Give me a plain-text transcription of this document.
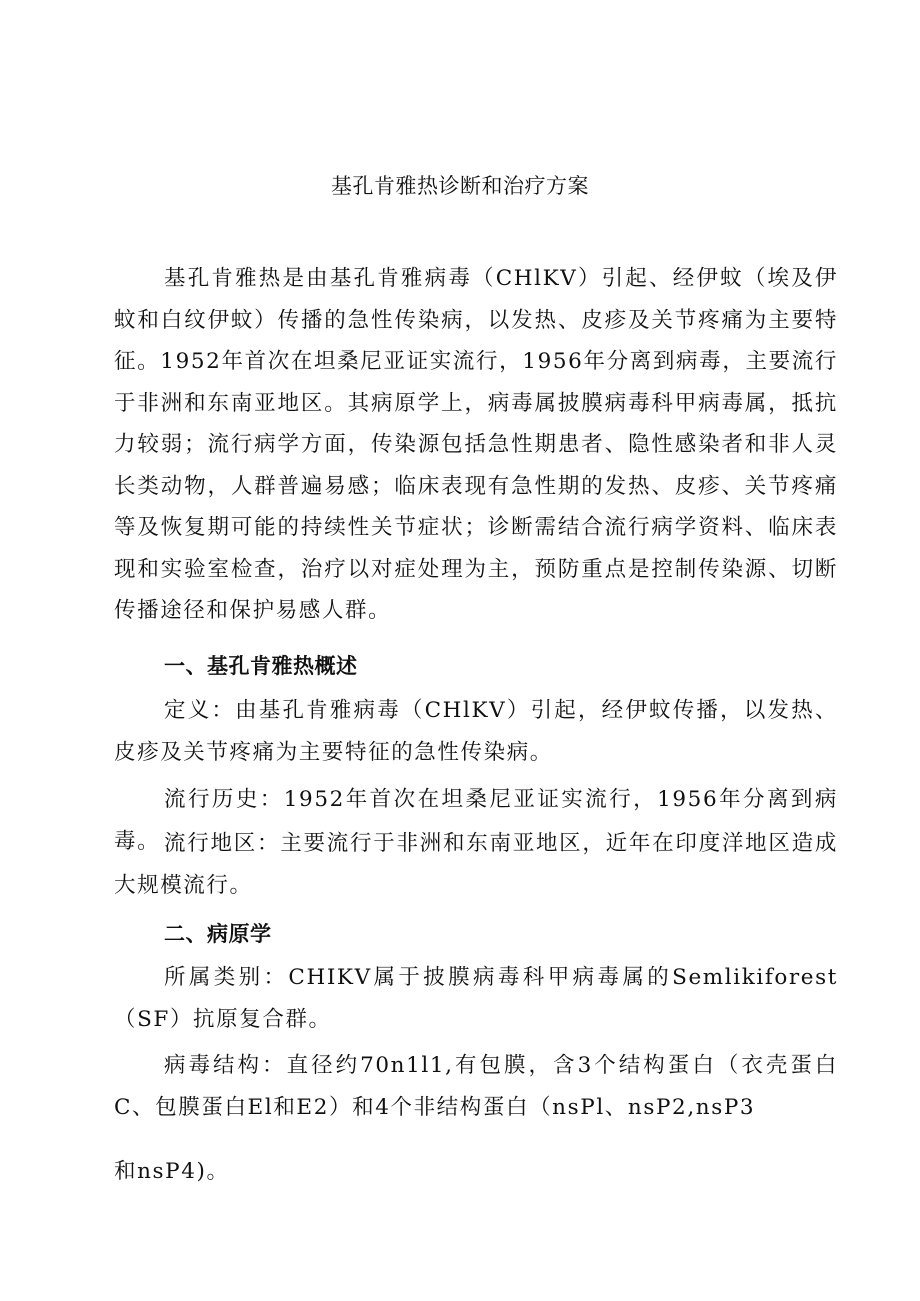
基孔肯雅热诊断和治疗方案

基孔肯雅热是由基孔肯雅病毒（CHlKV）引起、经伊蚊（埃及伊蚊和白纹伊蚊）传播的急性传染病，以发热、皮疹及关节疼痛为主要特征。1952年首次在坦桑尼亚证实流行，1956年分离到病毒，主要流行于非洲和东南亚地区。其病原学上，病毒属披膜病毒科甲病毒属，抵抗力较弱；流行病学方面，传染源包括急性期患者、隐性感染者和非人灵长类动物，人群普遍易感；临床表现有急性期的发热、皮疹、关节疼痛等及恢复期可能的持续性关节症状；诊断需结合流行病学资料、临床表现和实验室检查，治疗以对症处理为主，预防重点是控制传染源、切断传播途径和保护易感人群。

一、基孔肯雅热概述

定义：由基孔肯雅病毒（CHlKV）引起，经伊蚊传播，以发热、皮疹及关节疼痛为主要特征的急性传染病。

流行历史：1952年首次在坦桑尼亚证实流行，1956年分离到病毒。 流行地区：主要流行于非洲和东南亚地区，近年在印度洋地区造成大规模流行。

二、病原学

所属类别：CHIKV属于披膜病毒科甲病毒属的Semlikiforest（SF）抗原复合群。

病毒结构：直径约70n1l1,有包膜，含3个结构蛋白（衣壳蛋白C、包膜蛋白El和E2）和4个非结构蛋白（nsPl、nsP2,nsP3

和nsP4)。
